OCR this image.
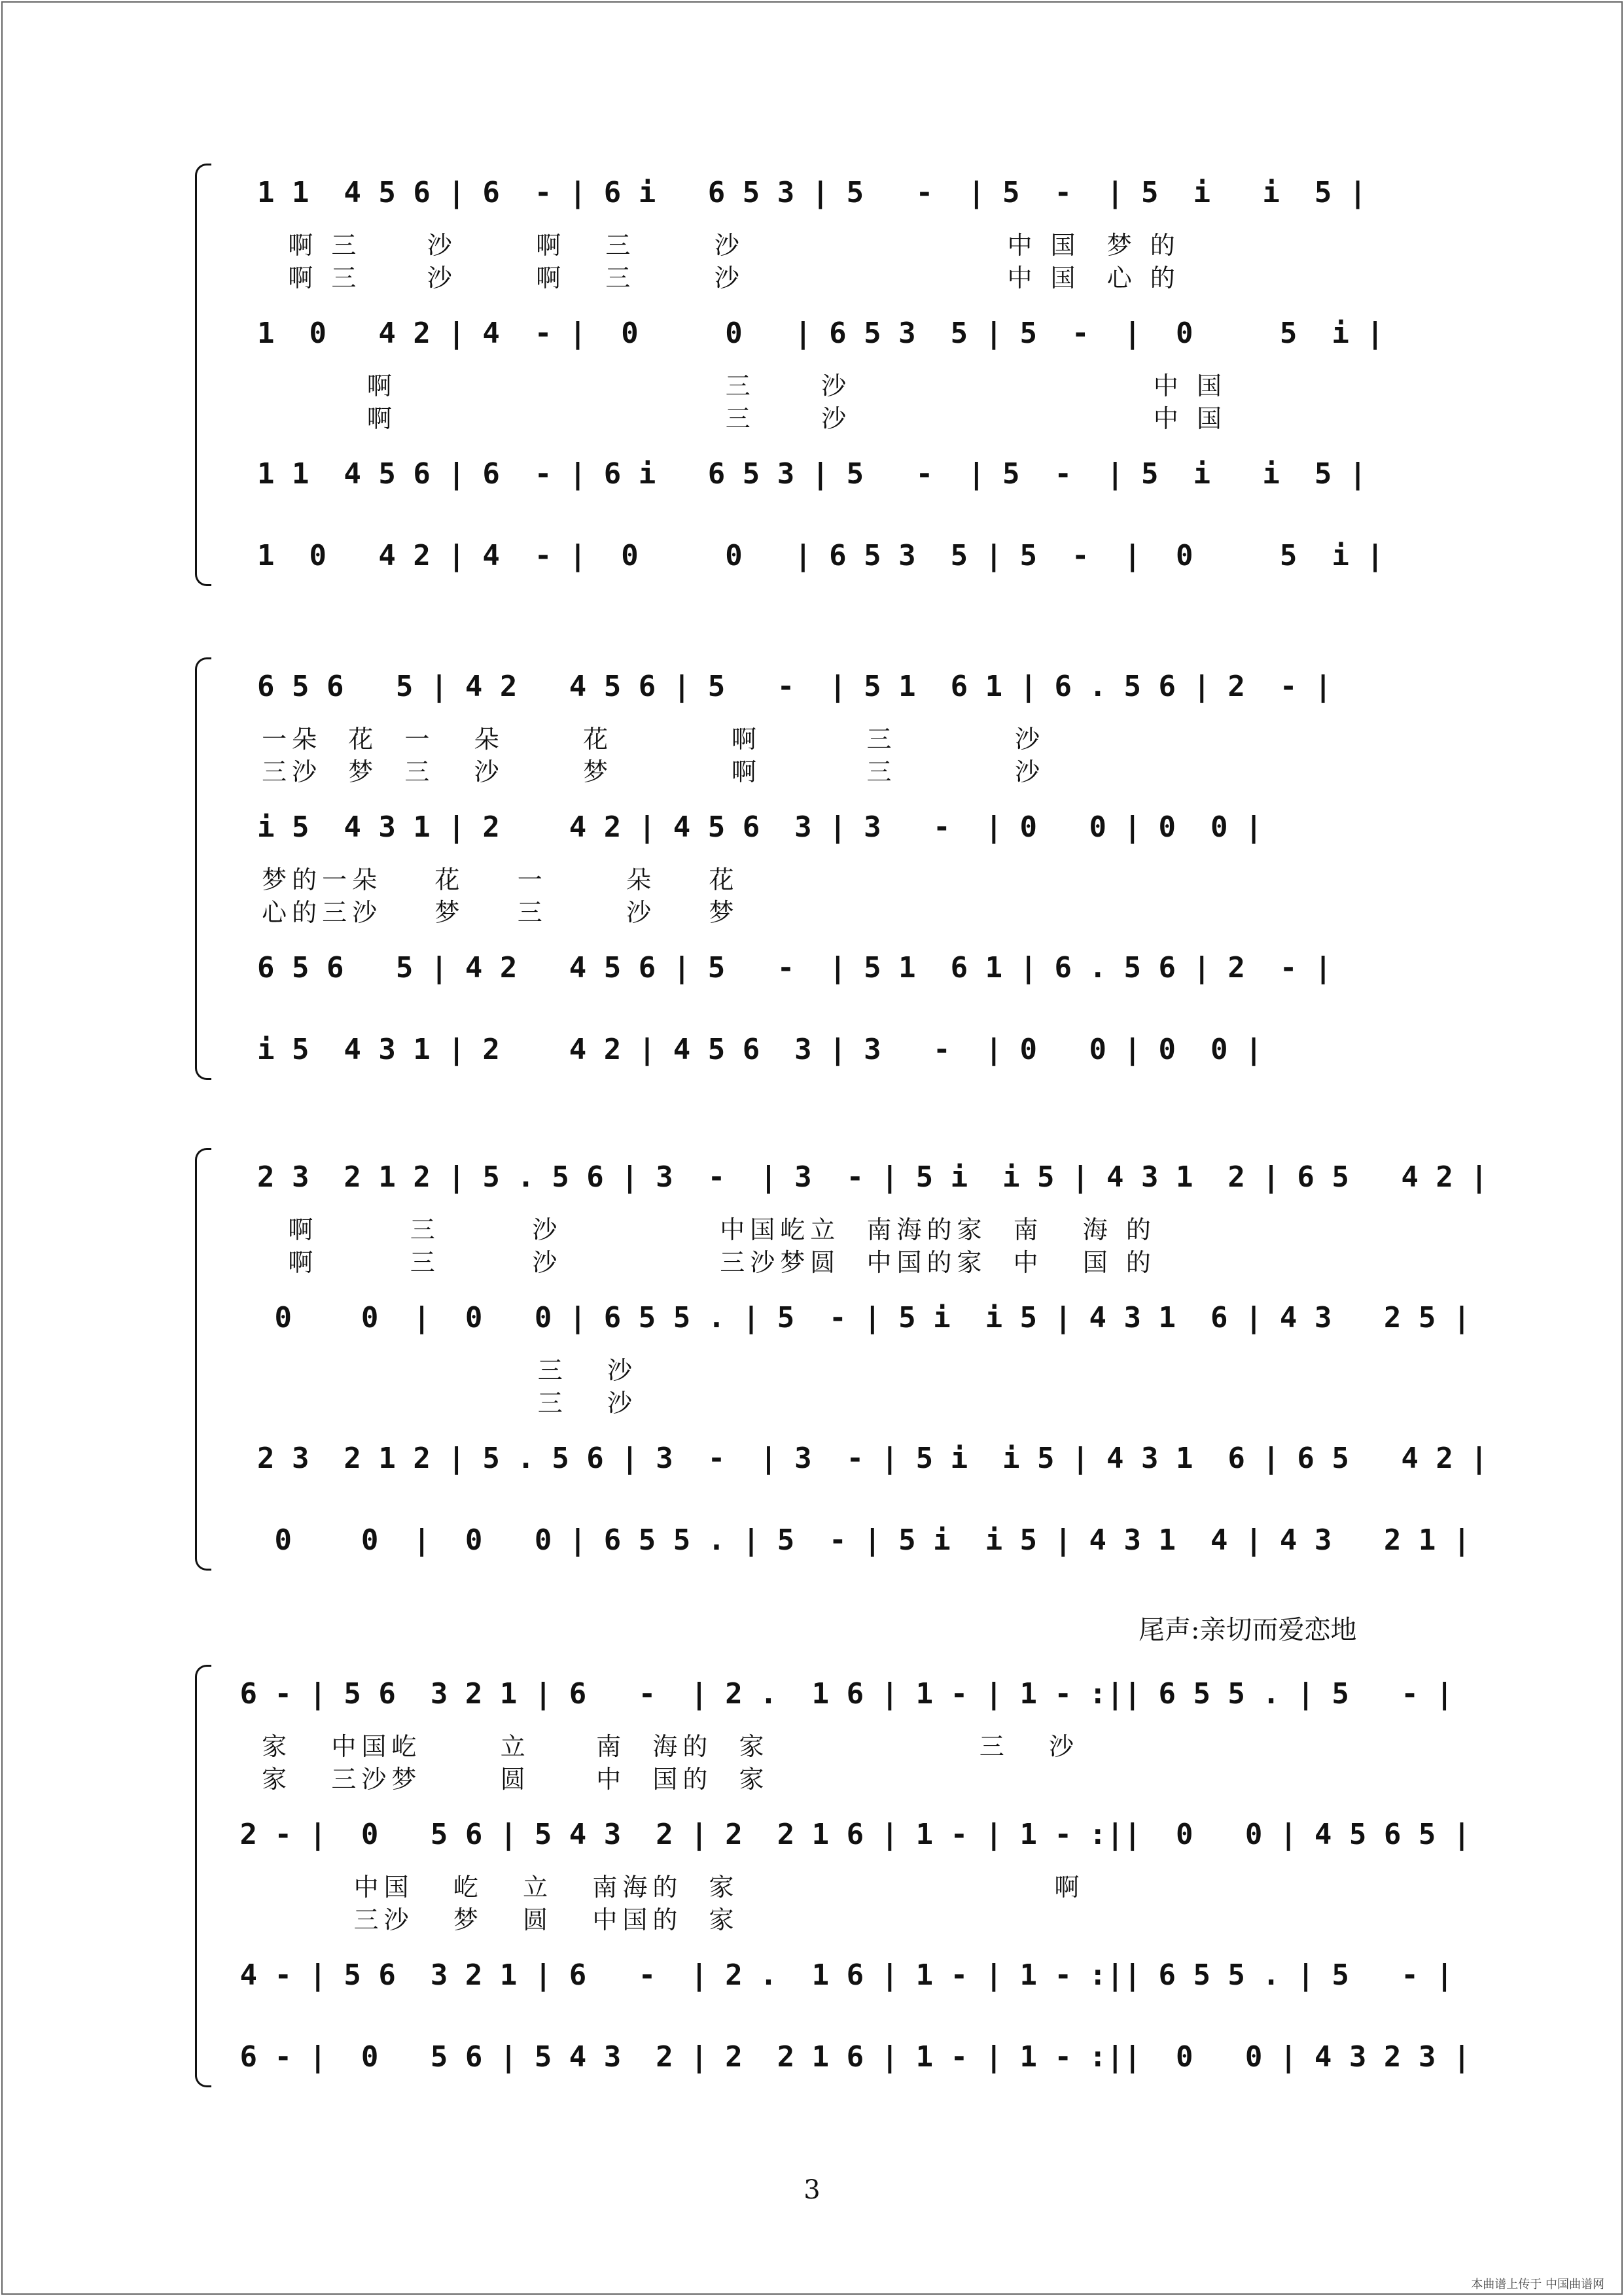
1 1  4 5 6 | 6  - | 6 i   6 5 3 | 5   -  | 5  -  | 5  i   i  5 |
啊 三     沙      啊   三      沙                    中 国  梦 的
啊 三     沙      啊   三      沙                    中 国  心 的
1  0   4 2 | 4  - |  0     0   | 6 5 3  5 | 5  -  |  0     5  i |
啊                         三     沙                       中 国
啊                         三     沙                       中 国
1 1  4 5 6 | 6  - | 6 i   6 5 3 | 5   -  | 5  -  | 5  i   i  5 |
1  0   4 2 | 4  - |  0     0   | 6 5 3  5 | 5  -  |  0     5  i |
6 5 6   5 | 4 2   4 5 6 | 5   -  | 5 1  6 1 | 6 . 5 6 | 2  - |
一朵  花  一   朵      花         啊        三         沙
三沙  梦  三   沙      梦         啊        三         沙
i 5  4 3 1 | 2    4 2 | 4 5 6  3 | 3   -  | 0   0 | 0  0 |
梦的一朵    花    一      朵    花
心的三沙    梦    三      沙    梦
6 5 6   5 | 4 2   4 5 6 | 5   -  | 5 1  6 1 | 6 . 5 6 | 2  - |
i 5  4 3 1 | 2    4 2 | 4 5 6  3 | 3   -  | 0   0 | 0  0 |
2 3  2 1 2 | 5 . 5 6 | 3  -  | 3  - | 5 i  i 5 | 4 3 1  2 | 6 5   4 2 |
啊       三       沙            中国屹立  南海的家  南   海 的
啊       三       沙            三沙梦圆  中国的家  中   国 的
0    0  |  0   0 | 6 5 5 . | 5  - | 5 i  i 5 | 4 3 1  6 | 4 3   2 5 |
三   沙
三   沙
2 3  2 1 2 | 5 . 5 6 | 3  -  | 3  - | 5 i  i 5 | 4 3 1  6 | 6 5   4 2 |
0    0  |  0   0 | 6 5 5 . | 5  - | 5 i  i 5 | 4 3 1  4 | 4 3   2 1 |
6 - | 5 6  3 2 1 | 6   -  | 2 .  1 6 | 1 - | 1 - :|| 6 5 5 . | 5   - |
家   中国屹      立     南  海的  家                三   沙
家   三沙梦      圆     中  国的  家
2 - |  0   5 6 | 5 4 3  2 | 2  2 1 6 | 1 - | 1 - :||  0   0 | 4 5 6 5 |
中国   屹   立   南海的  家                        啊
三沙   梦   圆   中国的  家
4 - | 5 6  3 2 1 | 6   -  | 2 .  1 6 | 1 - | 1 - :|| 6 5 5 . | 5   - |
6 - |  0   5 6 | 5 4 3  2 | 2  2 1 6 | 1 - | 1 - :||  0   0 | 4 3 2 3 |
尾声:亲切而爱恋地
3
本曲谱上传于 中国曲谱网
